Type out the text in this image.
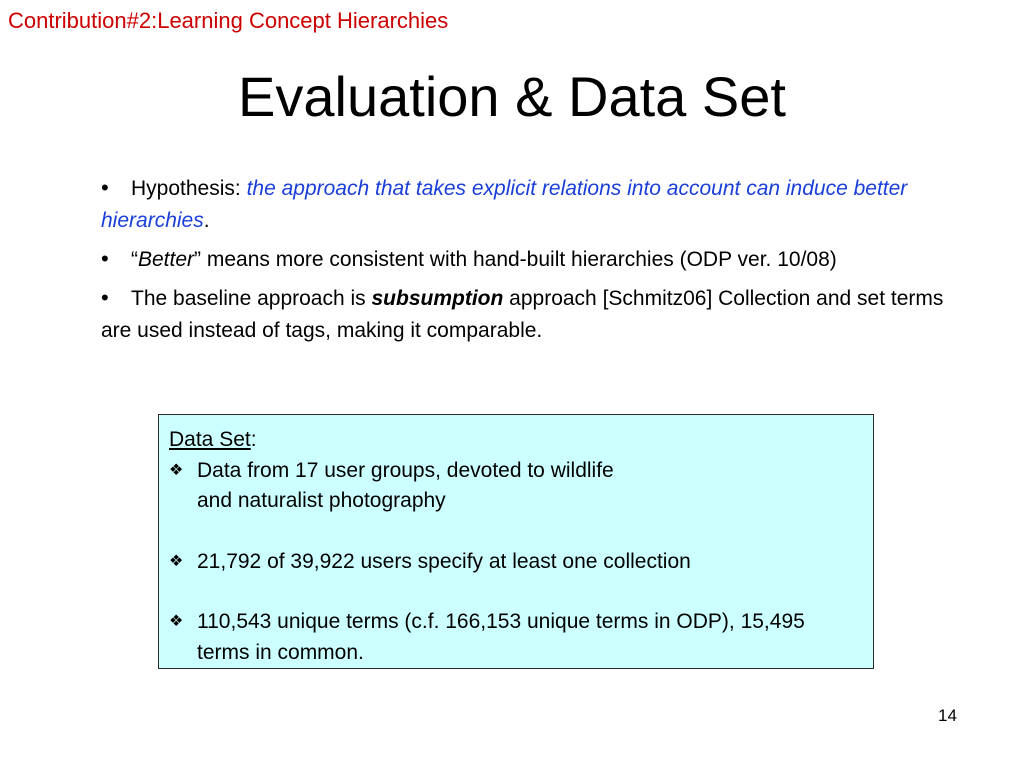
Contribution#2:Learning Concept Hierarchies
Evaluation & Data Set
• Hypothesis: the approach that takes explicit relations into account can induce better hierarchies.
• “Better” means more consistent with hand-built hierarchies (ODP ver. 10/08)
• The baseline approach is subsumption approach [Schmitz06] Collection and set terms are used instead of tags, making it comparable.
Data Set:
❖ Data from 17 user groups, devoted to wildlife and naturalist photography
❖ 21,792 of 39,922 users specify at least one collection
❖ 110,543 unique terms (c.f. 166,153 unique terms in ODP), 15,495 terms in common.
14
